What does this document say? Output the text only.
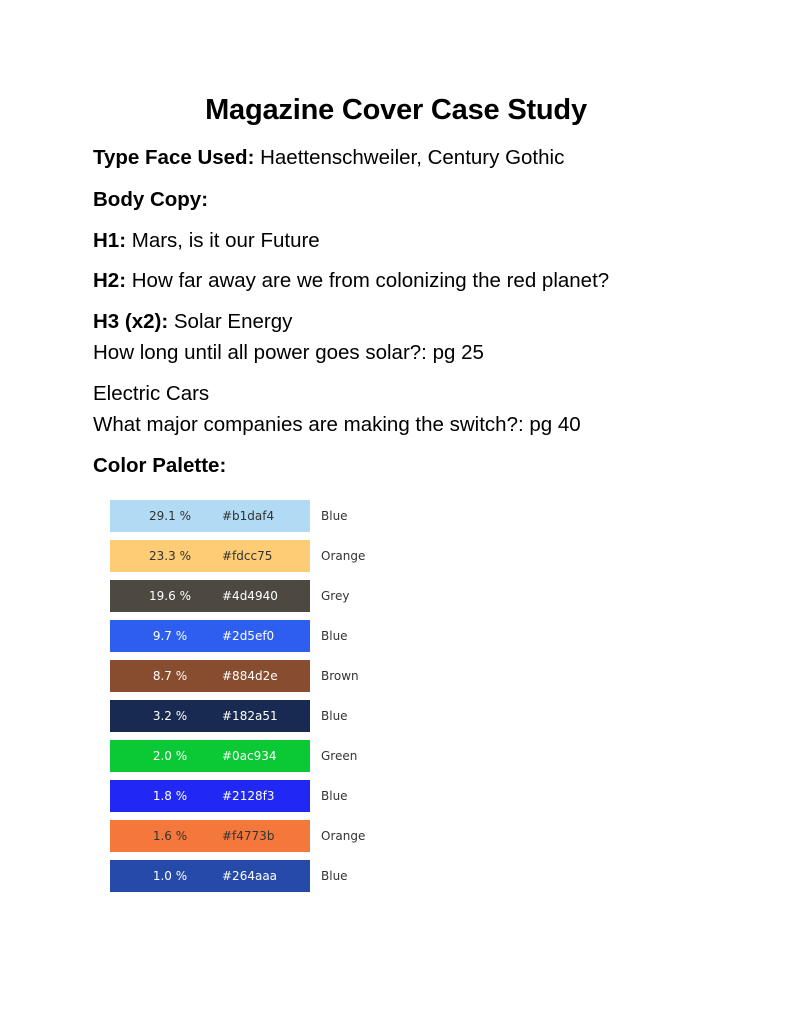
Magazine Cover Case Study
Type Face Used: Haettenschweiler, Century Gothic
Body Copy:
H1: Mars, is it our Future
H2: How far away are we from colonizing the red planet?
H3 (x2): Solar Energy
How long until all power goes solar?: pg 25
Electric Cars
What major companies are making the switch?: pg 40
Color Palette:
29.1 %	#b1daf4	Blue
23.3 %	#fdcc75	Orange
19.6 %	#4d4940	Grey
9.7 %	#2d5ef0	Blue
8.7 %	#884d2e	Brown
3.2 %	#182a51	Blue
2.0 %	#0ac934	Green
1.8 %	#2128f3	Blue
1.6 %	#f4773b	Orange
1.0 %	#264aaa	Blue
